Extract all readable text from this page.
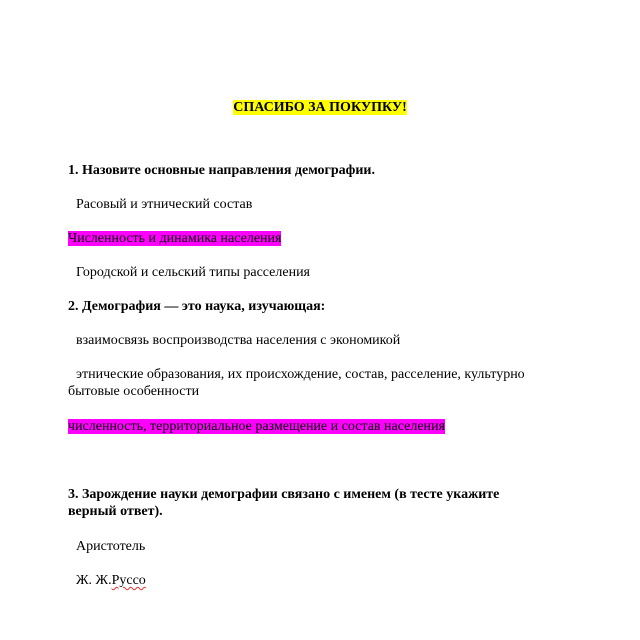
СПАСИБО ЗА ПОКУПКУ!
1. Назовите основные направления демографии.
Расовый и этнический состав
Численность и динамика населения
Городской и сельский типы расселения
2. Демография — это наука, изучающая:
взаимосвязь воспроизводства населения с экономикой
этнические образования, их происхождение, состав, расселение, культурно
бытовые особенности
численность, территориальное размещение и состав населения
3. Зарождение науки демографии связано с именем (в тесте укажите
верный ответ).
Аристотель
Ж. Ж.Руссо
